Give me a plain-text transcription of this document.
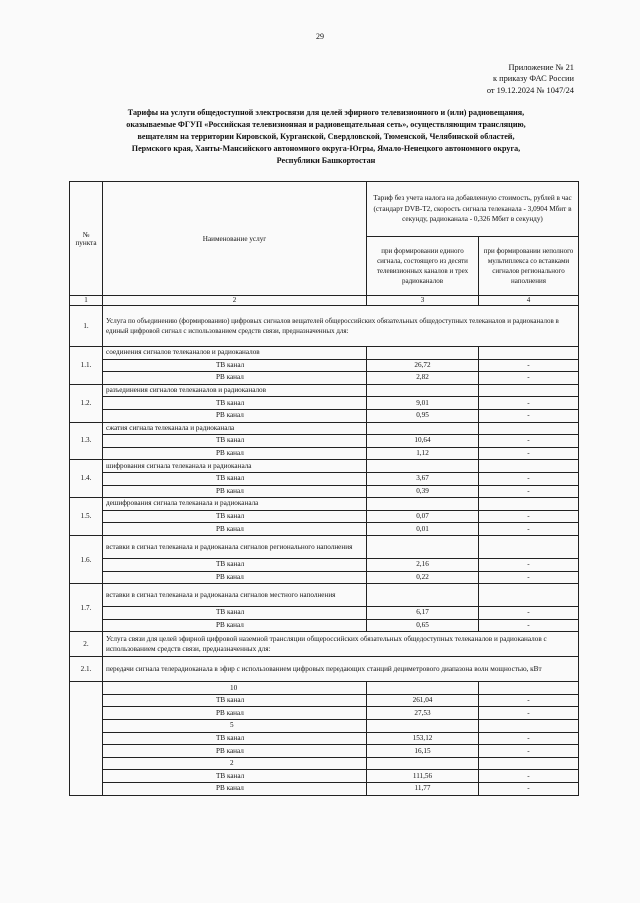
29
Приложение № 21
к приказу ФАС России
от 19.12.2024 № 1047/24
Тарифы на услуги общедоступной электросвязи для целей эфирного телевизионного и (или) радиовещания,
оказываемые ФГУП «Российская телевизионная и радиовещательная сеть», осуществляющим трансляцию,
вещателям на территории Кировской, Курганской, Свердловской, Тюменской, Челябинской областей,
Пермского края, Ханты-Мансийского автономного округа-Югры, Ямало-Ненецкого автономного округа,
Республики Башкортостан
№ пункта	Наименование услуг	Тариф без учета налога на добавленную стоимость, рублей в час (стандарт DVB-T2, скорость сигнала телеканала - 3,0904 Мбит в секунду, радиоканала - 0,326 Мбит в секунду)	
		при формировании единого сигнала, состоящего из десяти телевизионных каналов и трех радиоканалов	при формировании неполного мультиплекса со вставками сигналов регионального наполнения
1	2	3	4
1.	Услуга по объединению (формированию) цифровых сигналов вещателей общероссийских обязательных общедоступных телеканалов и радиоканалов в единый цифровой сигнал с использованием средств связи, предназначенных для:		
1.1.	соединения сигналов телеканалов и радиоканалов		
	ТВ канал	26,72	-
	РВ канал	2,82	-
1.2.	разъединения сигналов телеканалов и радиоканалов		
	ТВ канал	9,01	-
	РВ канал	0,95	-
1.3.	сжатия сигнала телеканала и радиоканала		
	ТВ канал	10,64	-
	РВ канал	1,12	-
1.4.	шифрования сигнала телеканала и радиоканала		
	ТВ канал	3,67	-
	РВ канал	0,39	-
1.5.	дешифрования сигнала телеканала и радиоканала		
	ТВ канал	0,07	-
	РВ канал	0,01	-
1.6.	вставки в сигнал телеканала и радиоканала сигналов регионального наполнения		
	ТВ канал	2,16	-
	РВ канал	0,22	-
1.7.	вставки в сигнал телеканала и радиоканала сигналов местного наполнения		
	ТВ канал	6,17	-
	РВ канал	0,65	-
2.	Услуга связи для целей эфирной цифровой наземной трансляции общероссийских обязательных общедоступных телеканалов и радиоканалов с использованием средств связи, предназначенных для:		
2.1.	передачи сигнала телерадиоканала в эфир с использованием цифровых передающих станций дециметрового диапазона волн мощностью, кВт		
	10		
	ТВ канал	261,04	-
	РВ канал	27,53	-
	5		
	ТВ канал	153,12	-
	РВ канал	16,15	-
	2		
	ТВ канал	111,56	-
	РВ канал	11,77	-
